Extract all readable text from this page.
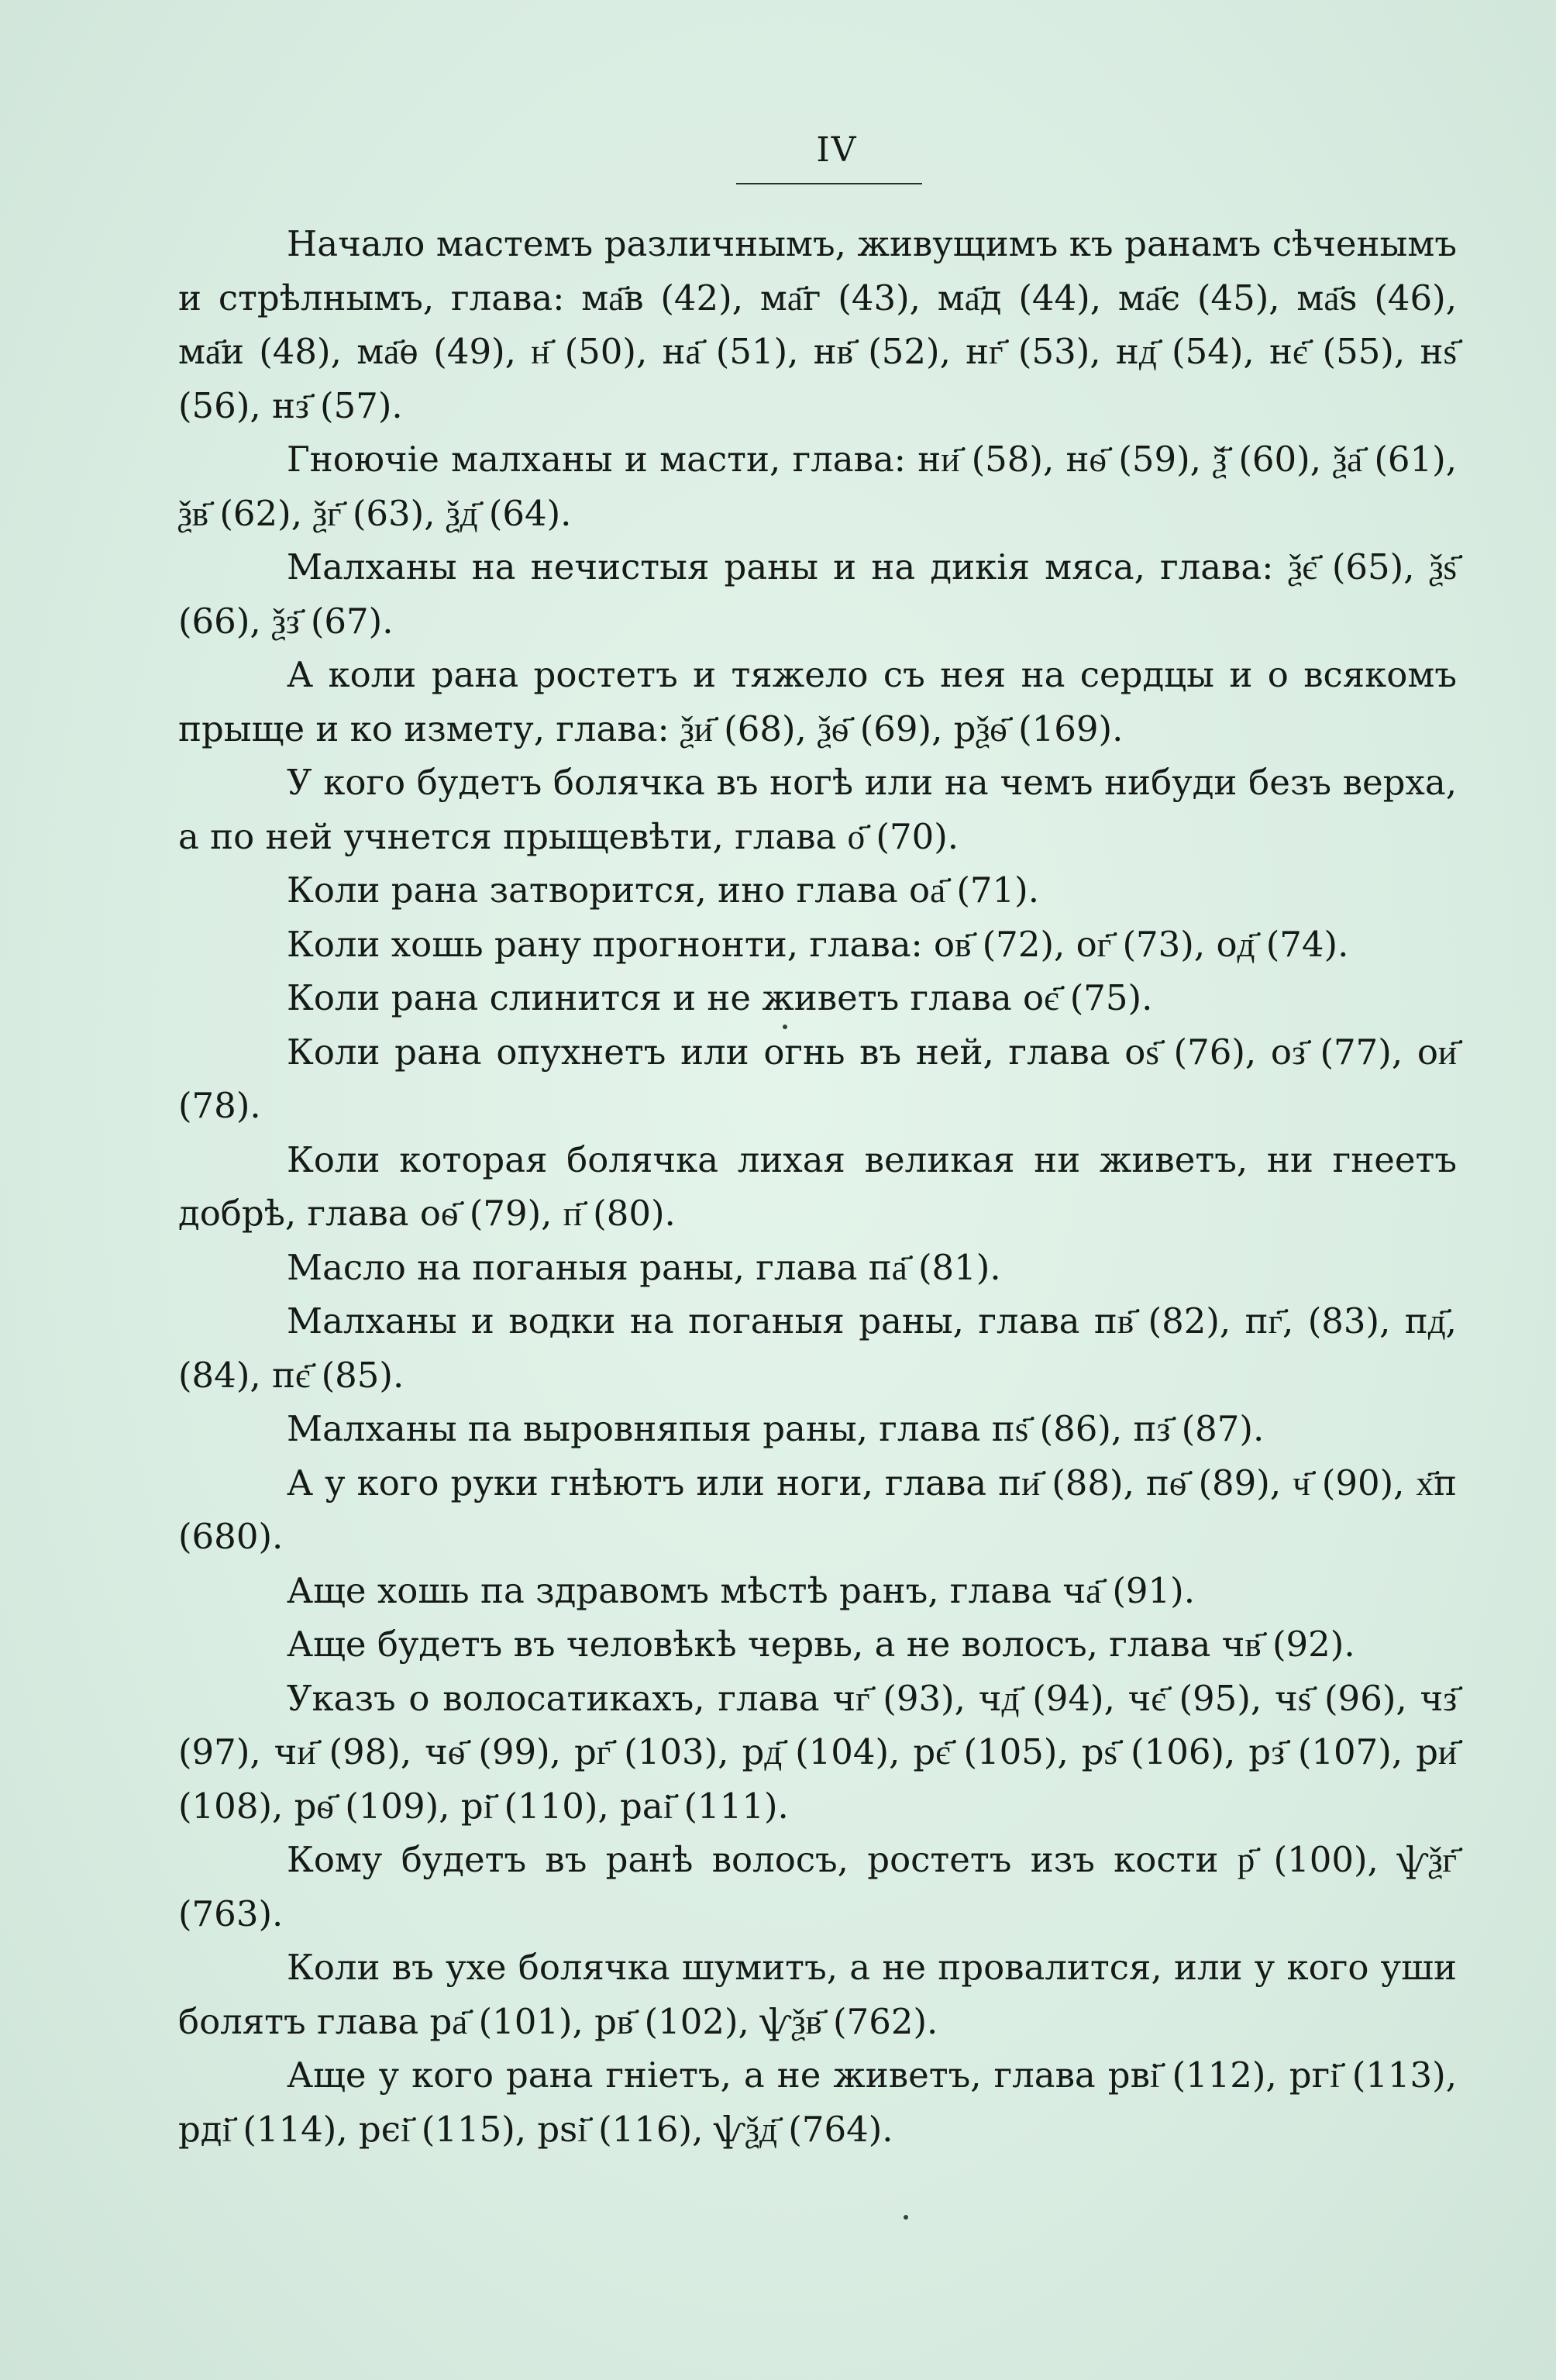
IV

Начало мастемъ различнымъ, живущимъ къ ранамъ сѣченымъ и стрѣлнымъ, глава: ма҃в (42), ма҃г (43), ма҃д (44), ма҃є (45), ма҃ѕ (46), ма҃и (48), ма҃ѳ (49), н҃ (50), на҃ (51), нв҃ (52), нг҃ (53), нд҃ (54), нє҃ (55), нѕ҃ (56), нз҃ (57).

Гноючіе малханы и масти, глава: ни҃ (58), нѳ҃ (59), ѯ҃ (60), ѯа҃ (61), ѯв҃ (62), ѯг҃ (63), ѯд҃ (64).

Малханы на нечистыя раны и на дикія мяса, глава: ѯє҃ (65), ѯѕ҃ (66), ѯз҃ (67).

А коли рана ростетъ и тяжело съ нея на сердцы и о всякомъ прыще и ко измету, глава: ѯи҃ (68), ѯѳ҃ (69), рѯѳ҃ (169).

У кого будетъ болячка въ ногѣ или на чемъ нибуди безъ верха, а по ней учнется прыщевѣти, глава о҃ (70).

Коли рана затворится, ино глава оа҃ (71).

Коли хошь рану прогнонти, глава: ов҃ (72), ог҃ (73), од҃ (74).

Коли рана слинится и не живетъ глава оє҃ (75).

Коли рана опухнетъ или огнь въ ней, глава оѕ҃ (76), оз҃ (77), ои҃ (78).

Коли которая болячка лихая великая ни живетъ, ни гнеетъ добрѣ, глава оѳ҃ (79), п҃ (80).

Масло на поганыя раны, глава па҃ (81).

Малханы и водки на поганыя раны, глава пв҃ (82), пг҃, (83), пд҃, (84), пє҃ (85).

Малханы па выровняпыя раны, глава пѕ҃ (86), пз҃ (87).

А у кого руки гнѣютъ или ноги, глава пи҃ (88), пѳ҃ (89), ч҃ (90), х҃п (680).

Аще хошь па здравомъ мѣстѣ ранъ, глава ча҃ (91).

Аще будетъ въ человѣкѣ червь, а не волосъ, глава чв҃ (92).

Указъ о волосатикахъ, глава чг҃ (93), чд҃ (94), чє҃ (95), чѕ҃ (96), чз҃ (97), чи҃ (98), чѳ҃ (99), рг҃ (103), рд҃ (104), рє҃ (105), рѕ҃ (106), рз҃ (107), ри҃ (108), рѳ҃ (109), рі҃ (110), раі҃ (111).

Кому будетъ въ ранѣ волосъ, ростетъ изъ кости р҃ (100), ѱѯг҃ (763).

Коли въ ухе болячка шумитъ, а не провалится, или у кого уши болятъ глава ра҃ (101), рв҃ (102), ѱѯв҃ (762).

Аще у кого рана гніетъ, а не живетъ, глава рві҃ (112), ргі҃ (113), рді҃ (114), рєі҃ (115), рѕі҃ (116), ѱѯд҃ (764).
